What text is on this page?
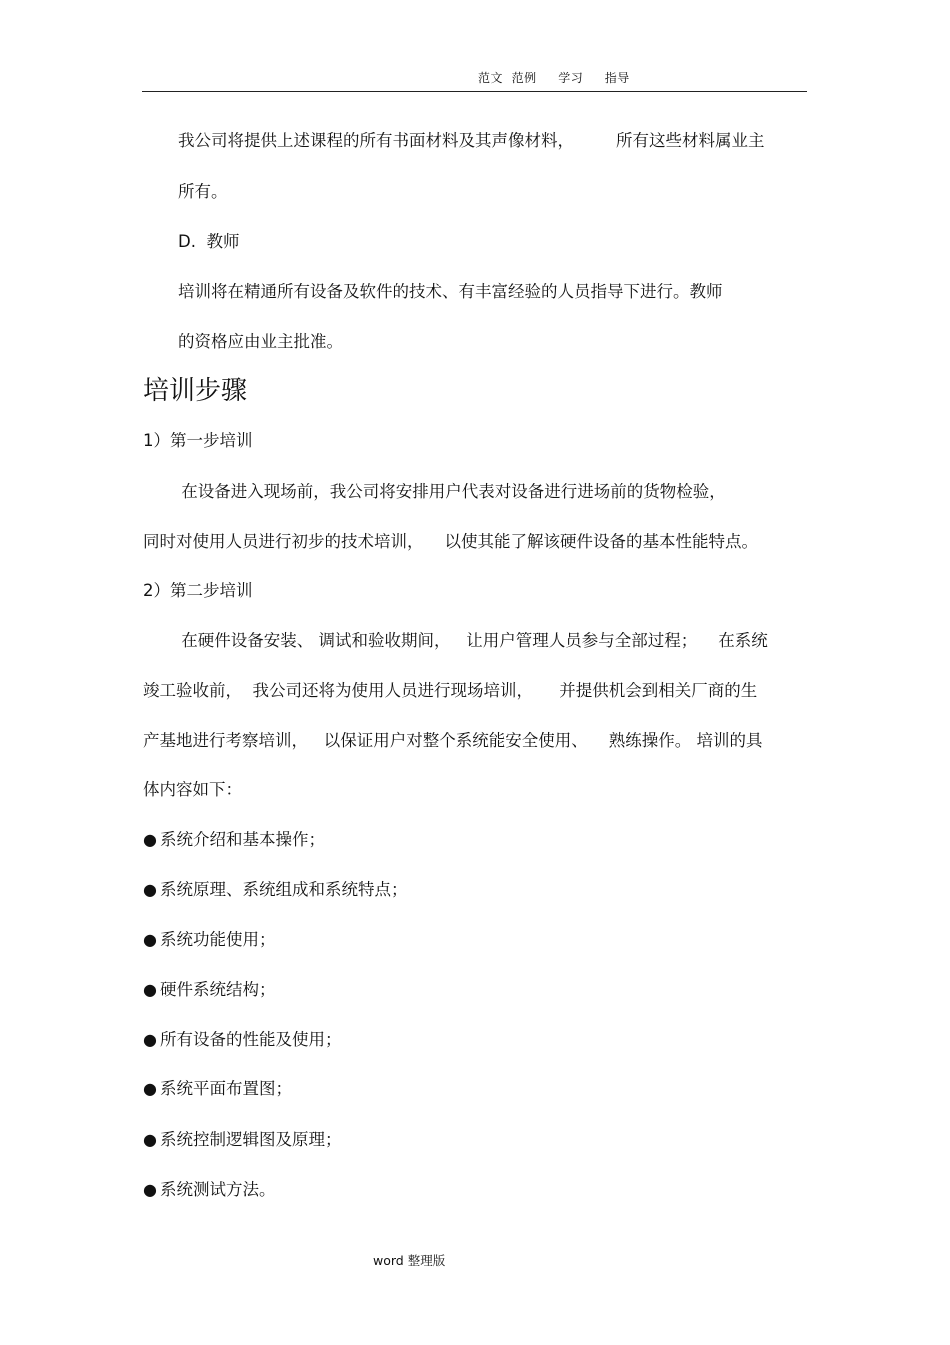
范文  范例     学习     指导
我公司将提供上述课程的所有书面材料及其声像材料，        所有这些材料属业主
所有。
D.  教师
培训将在精通所有设备及软件的技术、有丰富经验的人员指导下进行。教师
的资格应由业主批准。
培训步骤
1）第一步培训
在设备进入现场前，我公司将安排用户代表对设备进行进场前的货物检验，
同时对使用人员进行初步的技术培训，    以使其能了解该硬件设备的基本性能特点。
2）第二步培训
在硬件设备安装、 调试和验收期间，   让用户管理人员参与全部过程；    在系统
竣工验收前，  我公司还将为使用人员进行现场培训，     并提供机会到相关厂商的生
产基地进行考察培训，   以保证用户对整个系统能安全使用、    熟练操作。 培训的具
体内容如下：
● 系统介绍和基本操作；
● 系统原理、系统组成和系统特点；
● 系统功能使用；
● 硬件系统结构；
● 所有设备的性能及使用；
● 系统平面布置图；
● 系统控制逻辑图及原理；
● 系统测试方法。
word 整理版
